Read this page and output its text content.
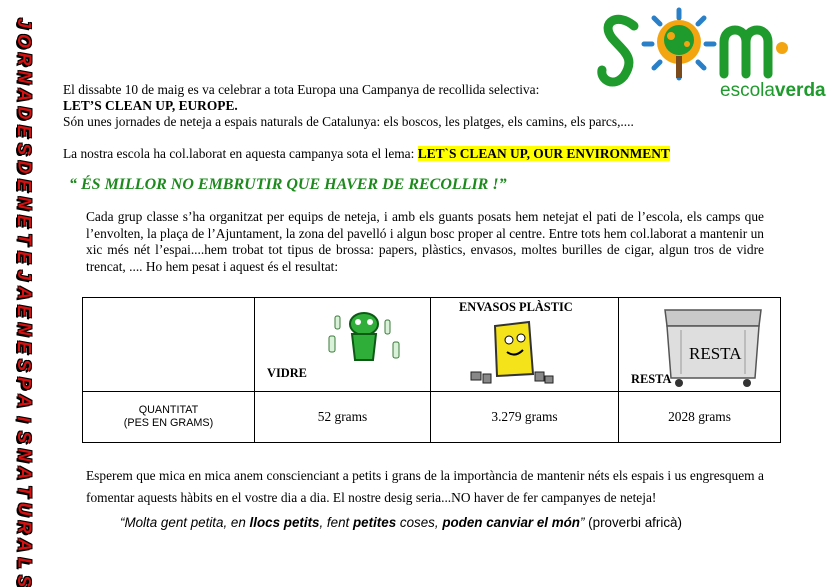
J
O
R
N
A
D
E
S
D
E
N
E
T
E
J
A
E
N
E
S
P
A
I
S
N
A
T
U
R
A
L
S
escolaverda
El dissabte 10 de maig es va celebrar a tota Europa una Campanya de recollida selectiva:
LET’S CLEAN UP, EUROPE.
Són unes jornades de neteja a espais naturals de Catalunya: els boscos, les platges, els camins, els parcs,....
La nostra escola ha col.laborat en aquesta campanya sota el lema: LET`S CLEAN UP, OUR ENVIRONMENT
“ ÉS MILLOR NO EMBRUTIR QUE HAVER DE RECOLLIR !”
Cada grup classe s’ha organitzat per equips de neteja, i amb els guants posats hem netejat el pati de l’escola, els camps que l’envolten, la plaça de l’Ajuntament, la zona del pavelló i algun bosc proper al centre. Entre tots hem col.laborat a mantenir un xic més nét l’espai....hem trobat tot tipus de brossa: papers, plàstics, envasos, moltes burilles de cigar, algun tros de vidre trencat, .... Ho hem pesat i aquest és el resultat:

	VIDRE	ENVASOS PLÀSTIC	RESTA
RESTA

QUANTITAT
(PES EN GRAMS)	52 grams	3.279 grams	2028 grams
Esperem que mica en mica anem conscienciant a petits i grans de la importància de mantenir néts els espais i us engresquem a fomentar aquests hàbits en el vostre dia a dia. El nostre desig seria...NO haver de fer campanyes de neteja!
“Molta gent petita, en llocs petits, fent petites coses, poden canviar el món” (proverbi africà)
